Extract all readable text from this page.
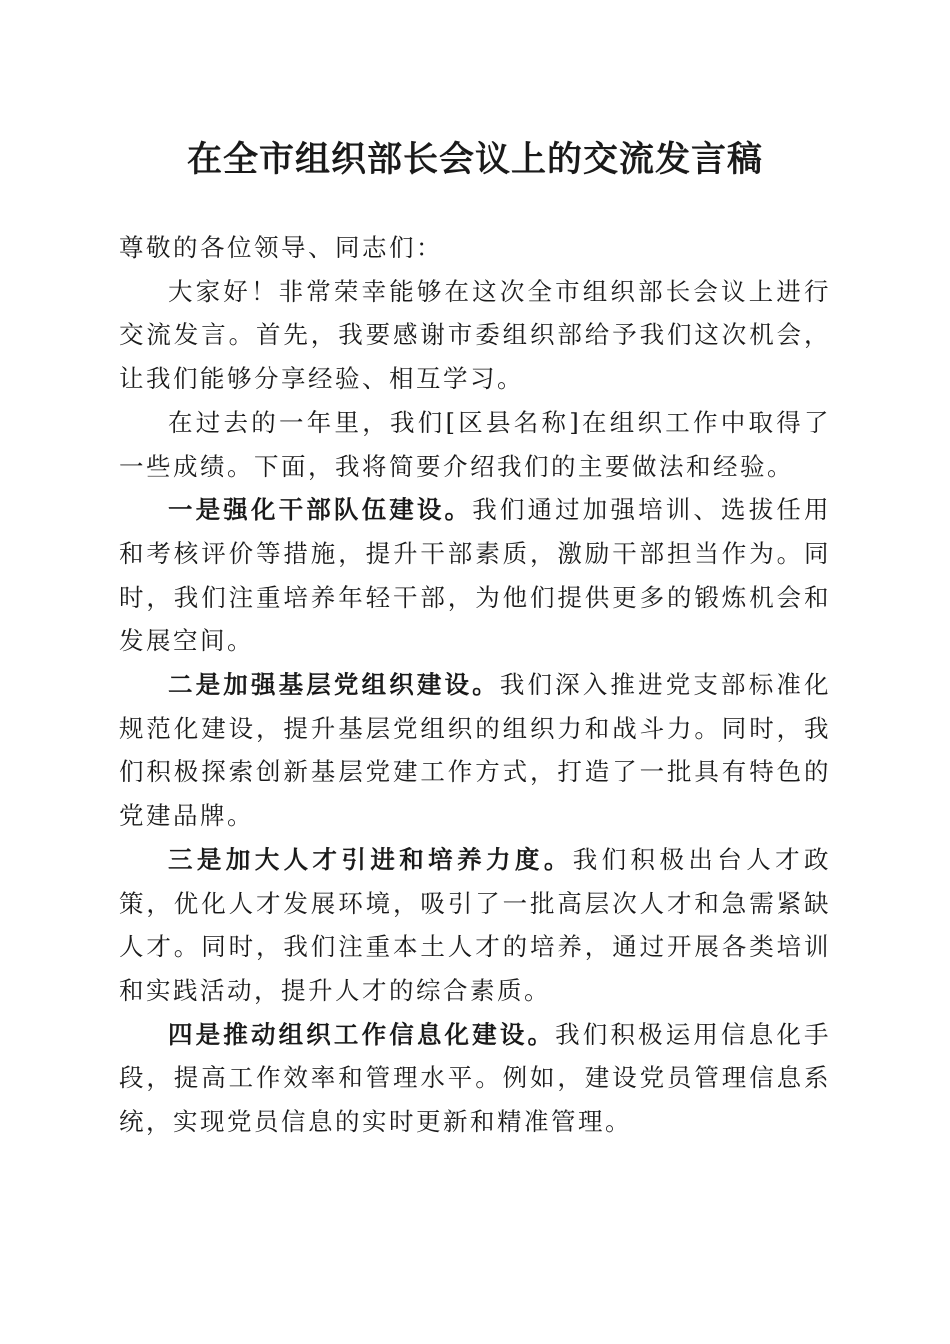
在全市组织部长会议上的交流发言稿

尊敬的各位领导、同志们：

大家好！非常荣幸能够在这次全市组织部长会议上进行交流发言。首先，我要感谢市委组织部给予我们这次机会，让我们能够分享经验、相互学习。

在过去的一年里，我们[区县名称]在组织工作中取得了一些成绩。下面，我将简要介绍我们的主要做法和经验。

一是强化干部队伍建设。我们通过加强培训、选拔任用和考核评价等措施，提升干部素质，激励干部担当作为。同时，我们注重培养年轻干部，为他们提供更多的锻炼机会和发展空间。

二是加强基层党组织建设。我们深入推进党支部标准化规范化建设，提升基层党组织的组织力和战斗力。同时，我们积极探索创新基层党建工作方式，打造了一批具有特色的党建品牌。

三是加大人才引进和培养力度。我们积极出台人才政策，优化人才发展环境，吸引了一批高层次人才和急需紧缺人才。同时，我们注重本土人才的培养，通过开展各类培训和实践活动，提升人才的综合素质。

四是推动组织工作信息化建设。我们积极运用信息化手段，提高工作效率和管理水平。例如，建设党员管理信息系统，实现党员信息的实时更新和精准管理。
